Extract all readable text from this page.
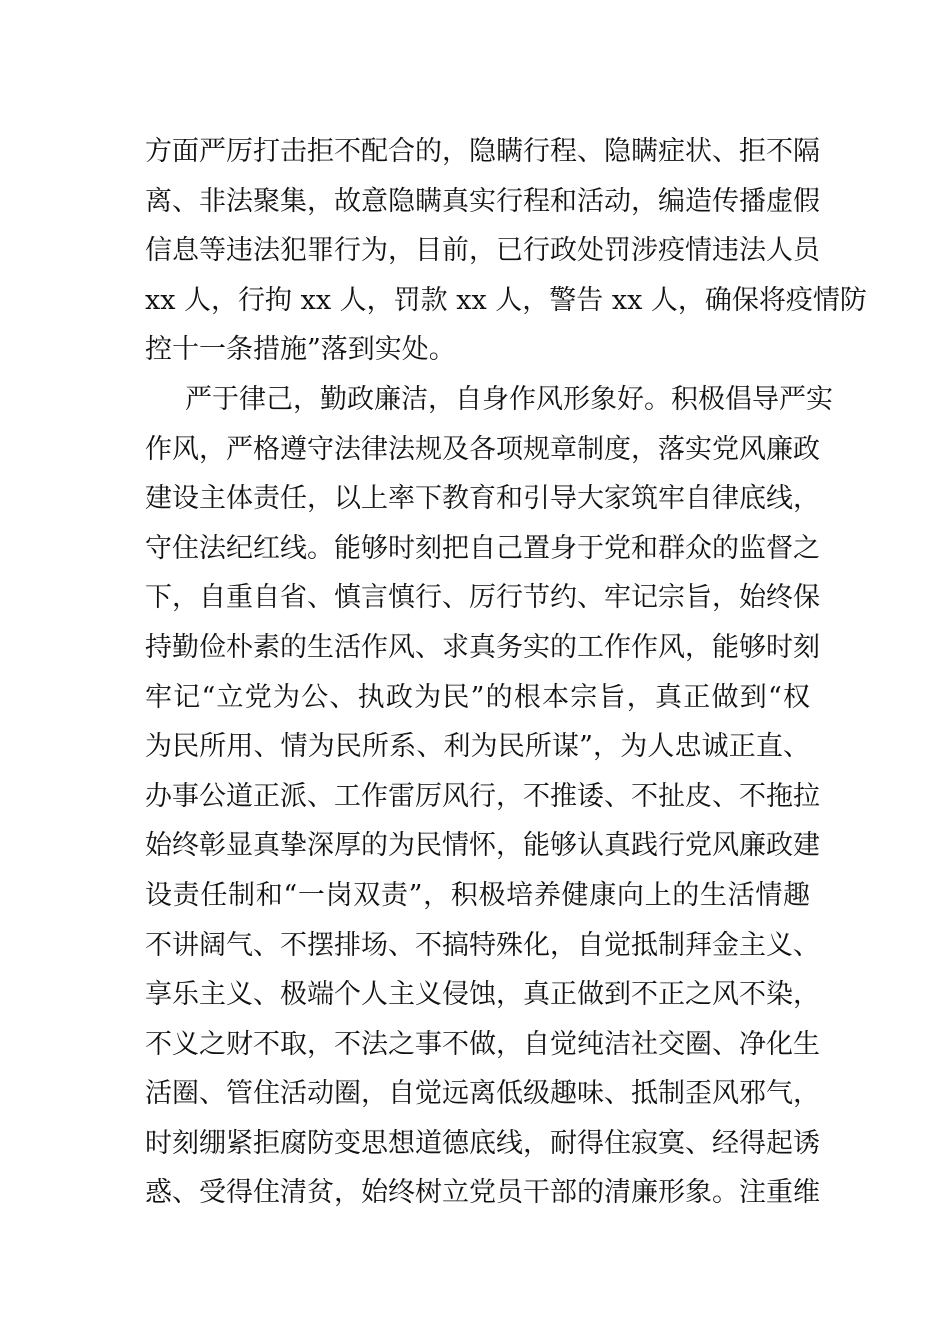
方面严厉打击拒不配合的，隐瞒行程、隐瞒症状、拒不隔
离、非法聚集，故意隐瞒真实行程和活动，编造传播虚假
信息等违法犯罪行为，目前，已行政处罚涉疫情违法人员
xx 人，行拘 xx 人，罚款 xx 人，警告 xx 人，确保将疫情防
控十一条措施”落到实处。
严于律己，勤政廉洁，自身作风形象好。积极倡导严实
作风，严格遵守法律法规及各项规章制度，落实党风廉政
建设主体责任，以上率下教育和引导大家筑牢自律底线，
守住法纪红线。能够时刻把自己置身于党和群众的监督之
下，自重自省、慎言慎行、厉行节约、牢记宗旨，始终保
持勤俭朴素的生活作风、求真务实的工作作风，能够时刻
牢记“立党为公、执政为民”的根本宗旨，真正做到“权
为民所用、情为民所系、利为民所谋”，为人忠诚正直、
办事公道正派、工作雷厉风行，不推诿、不扯皮、不拖拉
始终彰显真挚深厚的为民情怀，能够认真践行党风廉政建
设责任制和“一岗双责”，积极培养健康向上的生活情趣
不讲阔气、不摆排场、不搞特殊化，自觉抵制拜金主义、
享乐主义、极端个人主义侵蚀，真正做到不正之风不染，
不义之财不取，不法之事不做，自觉纯洁社交圈、净化生
活圈、管住活动圈，自觉远离低级趣味、抵制歪风邪气，
时刻绷紧拒腐防变思想道德底线，耐得住寂寞、经得起诱
惑、受得住清贫，始终树立党员干部的清廉形象。注重维
